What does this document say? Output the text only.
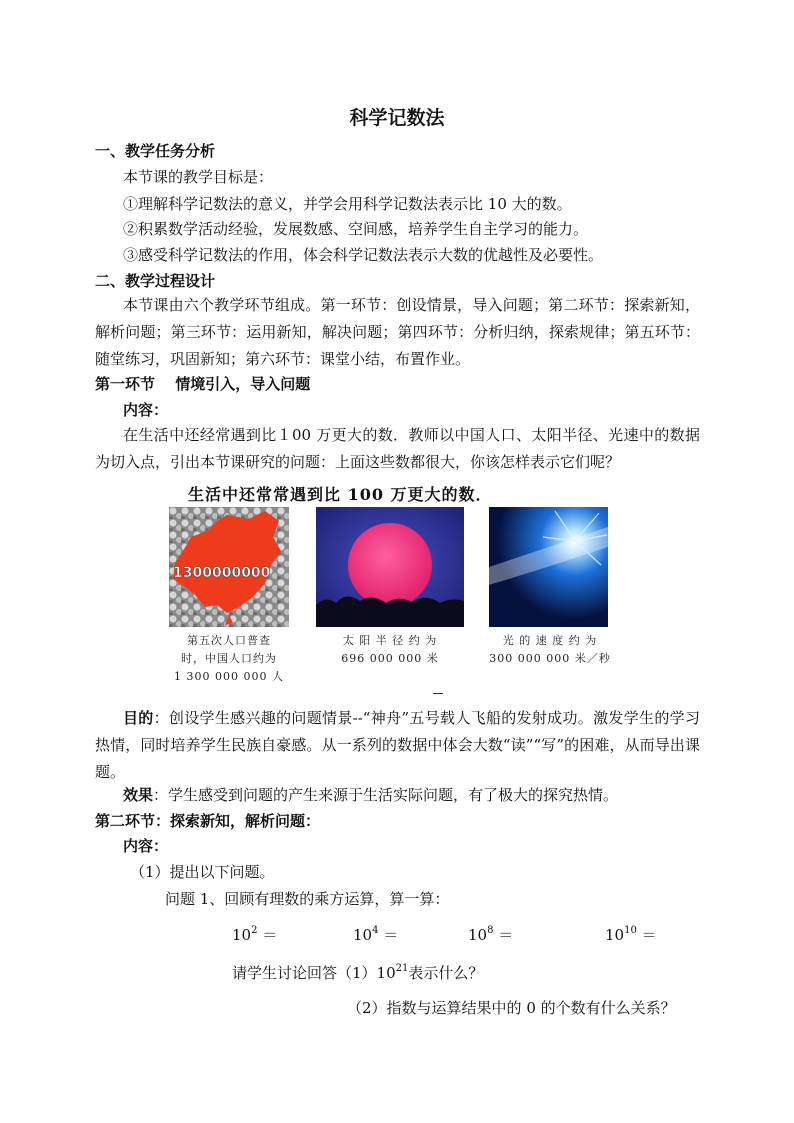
科学记数法
一、教学任务分析
本节课的教学目标是：
①理解科学记数法的意义，并学会用科学记数法表示比 10 大的数。
②积累数学活动经验，发展数感、空间感，培养学生自主学习的能力。
③感受科学记数法的作用，体会科学记数法表示大数的优越性及必要性。
二、教学过程设计
本节课由六个教学环节组成。第一环节：创设情景，导入问题；第二环节：探索新知，解析问题；第三环节：运用新知，解决问题；第四环节：分析归纳，探索规律；第五环节：随堂练习，巩固新知；第六环节：课堂小结，布置作业。
第一环节　 情境引入，导入问题
内容：
在生活中还经常遇到比１00 万更大的数．教师以中国人口、太阳半径、光速中的数据为切入点，引出本节课研究的问题：上面这些数都很大，你该怎样表示它们呢？
生活中还常常遇到比 100 万更大的数．
1300000000
第五次人口普查
时，中国人口约为
1 300 000 000 人
太 阳 半 径 约 为
696 000 000 米
光 的 速 度 约 为
300 000 000 米／秒
目的：创设学生感兴趣的问题情景--“神舟”五号载人飞船的发射成功。激发学生的学习热情，同时培养学生民族自豪感。从一系列的数据中体会大数“读”“写”的困难，从而导出课题。
效果：学生感受到问题的产生来源于生活实际问题，有了极大的探究热情。
第二环节：探索新知，解析问题：
内容：
（1）提出以下问题。
问题 1、回顾有理数的乘方运算，算一算：
$10^2$ ＝	$10^4$ ＝	$10^8$ ＝	$10^{10}$ ＝
请学生讨论回答$(1)10^{21}$表示什么？
（2）指数与运算结果中的 0 的个数有什么关系？
